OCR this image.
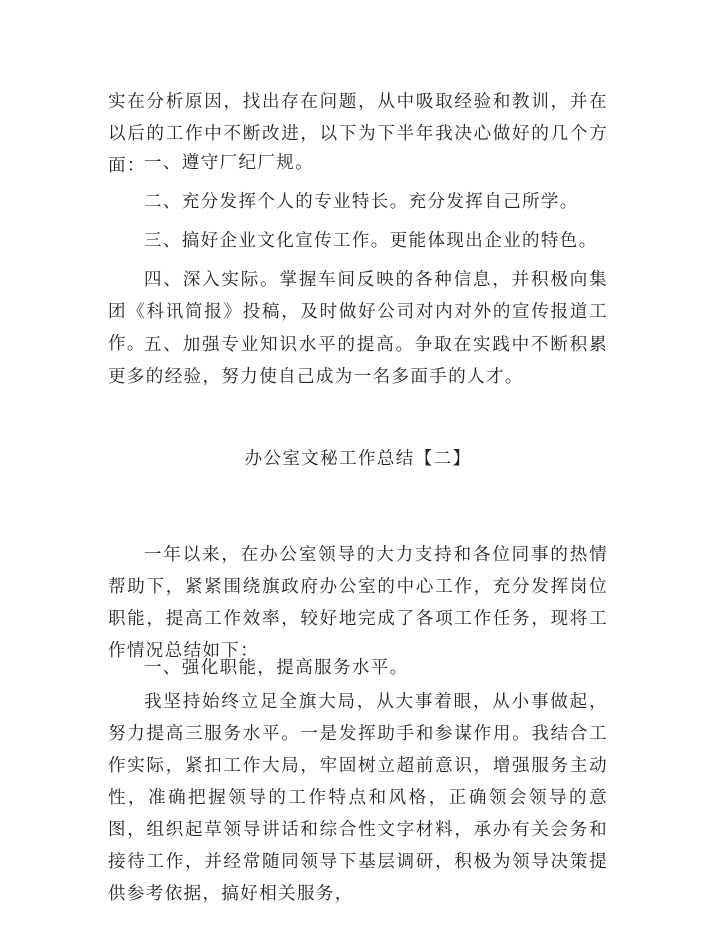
实在分析原因，找出存在问题，从中吸取经验和教训，并在以后的工作中不断改进，以下为下半年我决心做好的几个方面：

一、遵守厂纪厂规。

二、充分发挥个人的专业特长。充分发挥自己所学。

三、搞好企业文化宣传工作。更能体现出企业的特色。

四、深入实际。掌握车间反映的各种信息，并积极向集团《科讯简报》投稿，及时做好公司对内对外的宣传报道工作。

五、加强专业知识水平的提高。争取在实践中不断积累更多的经验，努力使自己成为一名多面手的人才。

办公室文秘工作总结【二】

一年以来，在办公室领导的大力支持和各位同事的热情帮助下，紧紧围绕旗政府办公室的中心工作，充分发挥岗位职能，提高工作效率，较好地完成了各项工作任务，现将工作情况总结如下：

一、强化职能，提高服务水平。

我坚持始终立足全旗大局，从大事着眼，从小事做起，努力提高三服务水平。一是发挥助手和参谋作用。我结合工作实际，紧扣工作大局，牢固树立超前意识，增强服务主动性，准确把握领导的工作特点和风格，正确领会领导的意图，组织起草领导讲话和综合性文字材料，承办有关会务和接待工作，并经常随同领导下基层调研，积极为领导决策提供参考依据，搞好相关服务，
